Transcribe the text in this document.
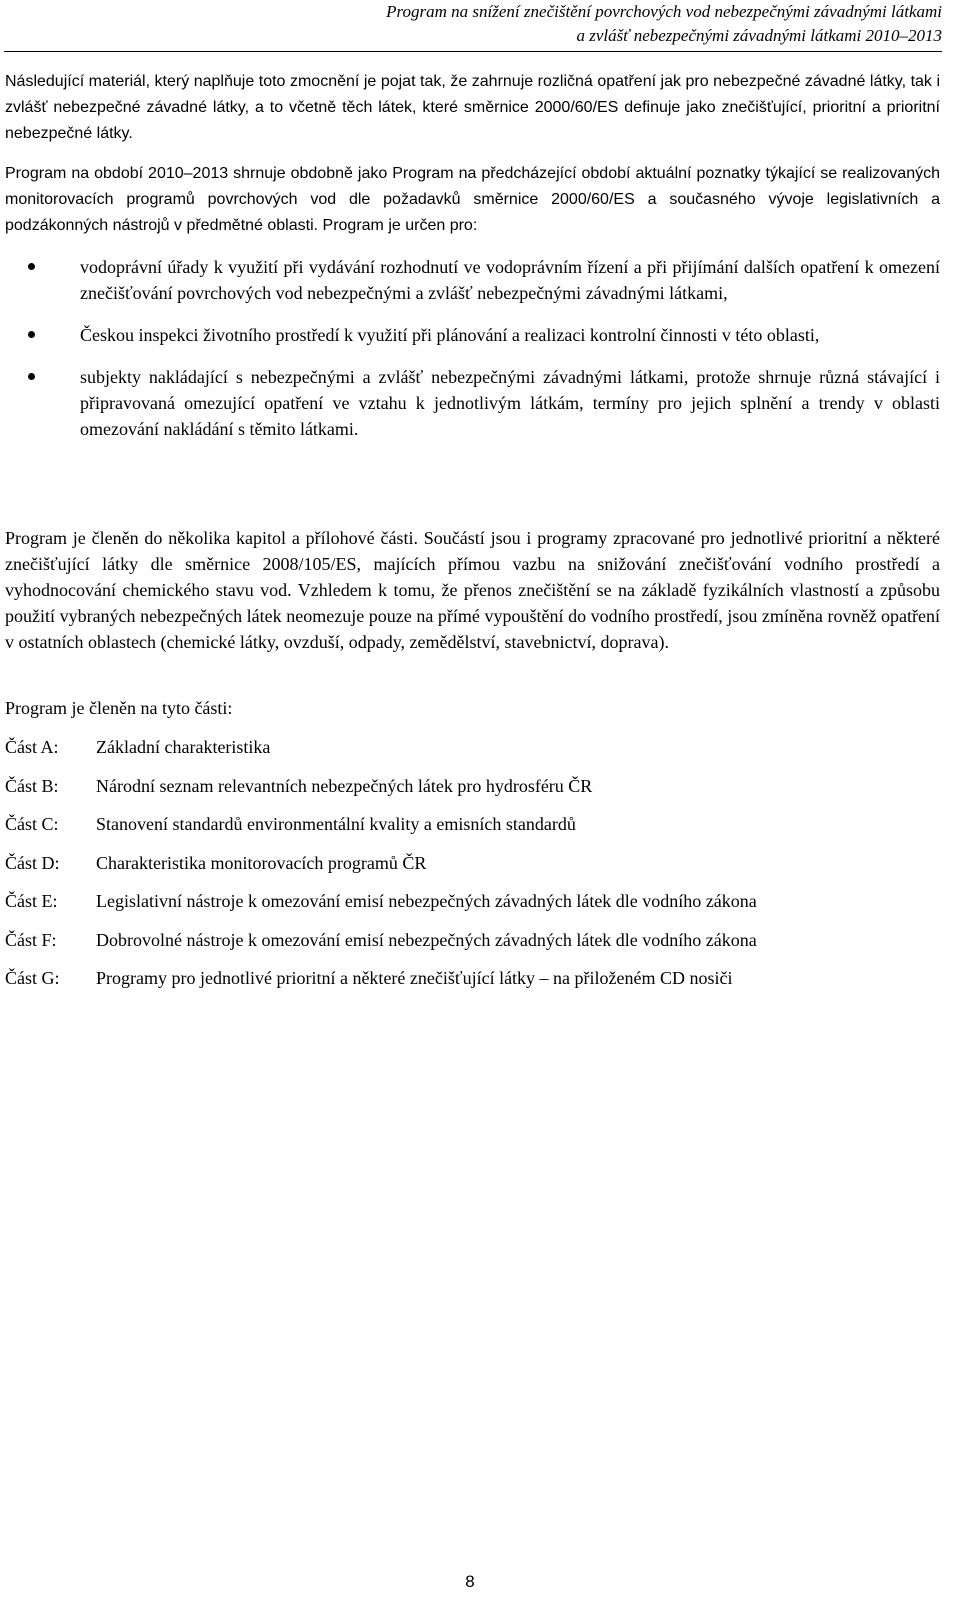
Program na snížení znečištění povrchových vod nebezpečnými závadnými látkami
a zvlášť nebezpečnými závadnými látkami 2010–2013

Následující materiál, který naplňuje toto zmocnění je pojat tak, že zahrnuje rozličná opatření jak pro nebezpečné závadné látky, tak i zvlášť nebezpečné závadné látky, a to včetně těch látek, které směrnice 2000/60/ES definuje jako znečišťující, prioritní a prioritní nebezpečné látky.

Program na období 2010–2013 shrnuje obdobně jako Program na předcházející období aktuální poznatky týkající se realizovaných monitorovacích programů povrchových vod dle požadavků směrnice 2000/60/ES a současného vývoje legislativních a podzákonných nástrojů v předmětné oblasti. Program je určen pro:

vodoprávní úřady k využití při vydávání rozhodnutí ve vodoprávním řízení a při přijímání dalších opatření k omezení znečišťování povrchových vod nebezpečnými a zvlášť nebezpečnými závadnými látkami,
Českou inspekci životního prostředí k využití při plánování a realizaci kontrolní činnosti v této oblasti,
subjekty nakládající s nebezpečnými a zvlášť nebezpečnými závadnými látkami, protože shrnuje různá stávající i připravovaná omezující opatření ve vztahu k jednotlivým látkám, termíny pro jejich splnění a trendy v oblasti omezování nakládání s těmito látkami.

Program je členěn do několika kapitol a přílohové části. Součástí jsou i programy zpracované pro jednotlivé prioritní a některé znečišťující látky dle směrnice 2008/105/ES, majících přímou vazbu na snižování znečišťování vodního prostředí a vyhodnocování chemického stavu vod. Vzhledem k tomu, že přenos znečištění se na základě fyzikálních vlastností a způsobu použití vybraných nebezpečných látek neomezuje pouze na přímé vypouštění do vodního prostředí, jsou zmíněna rovněž opatření v ostatních oblastech (chemické látky, ovzduší, odpady, zemědělství, stavebnictví, doprava).

Program je členěn na tyto části:

Část A:	Základní charakteristika
Část B:	Národní seznam relevantních nebezpečných látek pro hydrosféru ČR
Část C:	Stanovení standardů environmentální kvality a emisních standardů
Část D:	Charakteristika monitorovacích programů ČR
Část E:	Legislativní nástroje k omezování emisí nebezpečných závadných látek dle vodního zákona
Část F:	Dobrovolné nástroje k omezování emisí nebezpečných závadných látek dle vodního zákona
Část G:	Programy pro jednotlivé prioritní a některé znečišťující látky – na přiloženém CD nosiči
8
